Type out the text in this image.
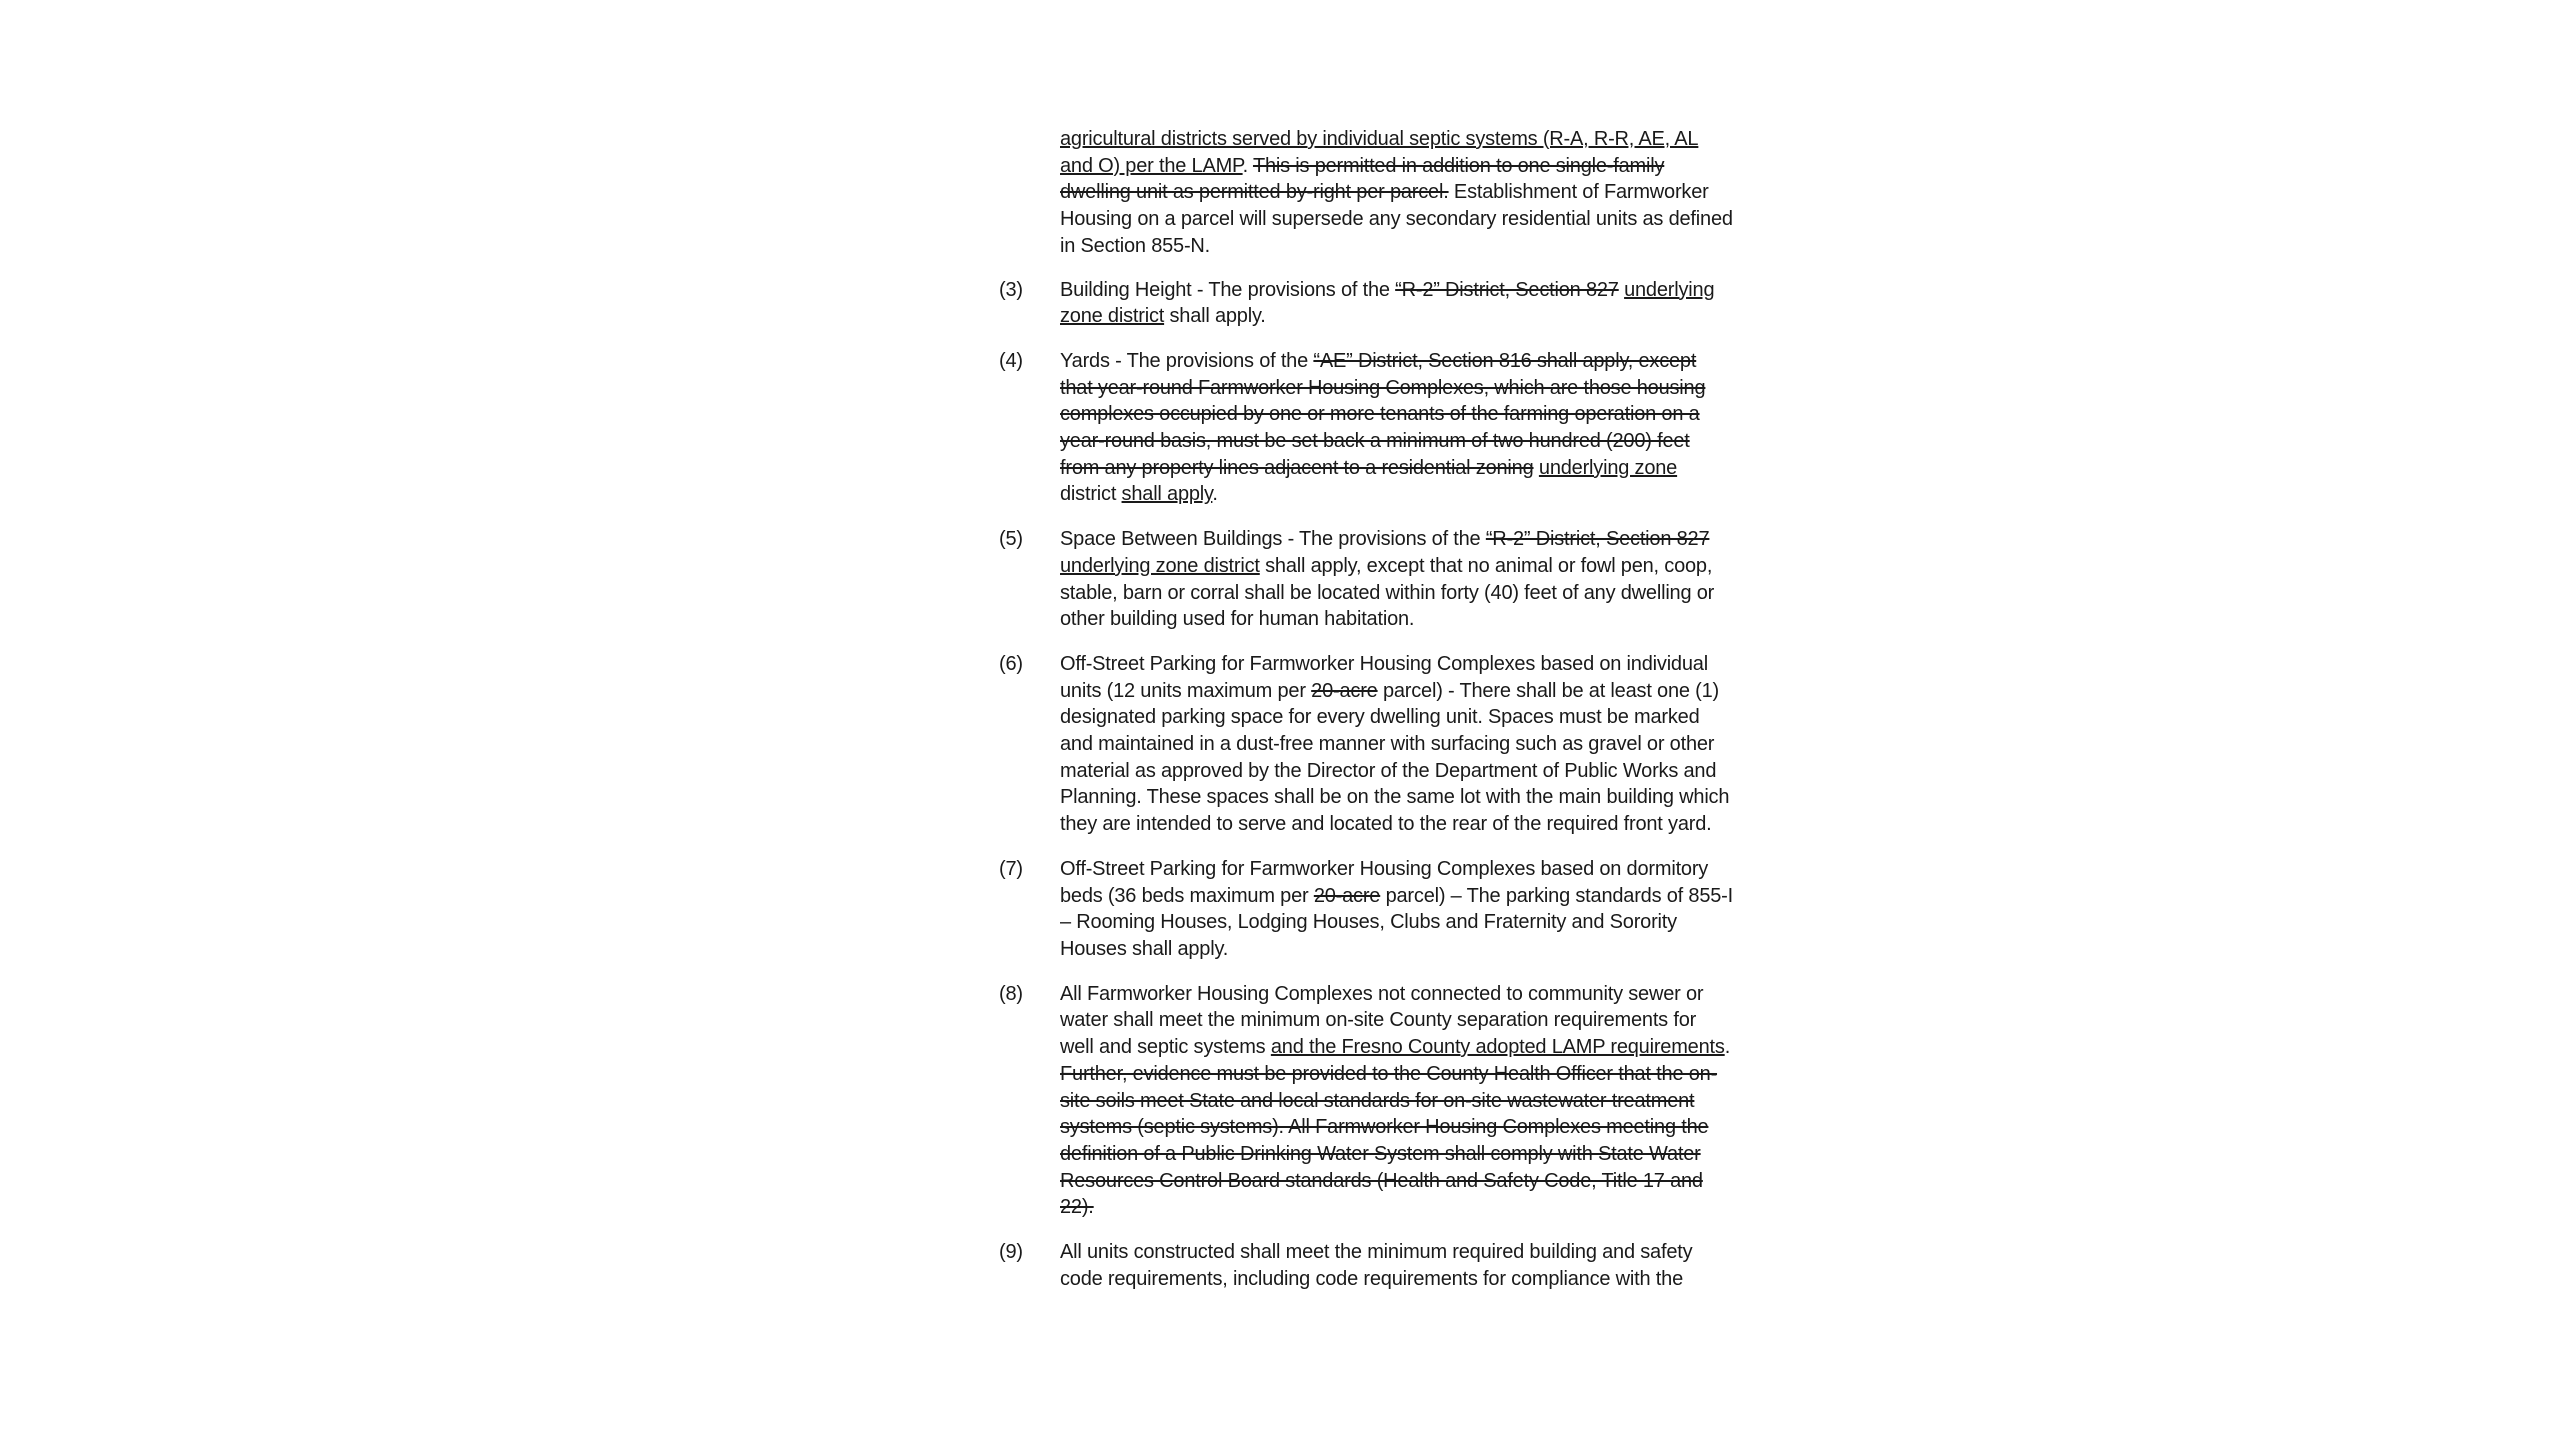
agricultural districts served by individual septic systems (R-A, R-R, AE, AL and O) per the LAMP. This is permitted in addition to one single-family dwelling unit as permitted by-right per parcel. Establishment of Farmworker Housing on a parcel will supersede any secondary residential units as defined in Section 855-N.

(3) Building Height - The provisions of the “R-2” District, Section 827 underlying zone district shall apply.
(4) Yards - The provisions of the “AE” District, Section 816 shall apply, except that year-round Farmworker Housing Complexes, which are those housing complexes occupied by one or more tenants of the farming operation on a year-round basis, must be set back a minimum of two hundred (200) feet from any property lines adjacent to a residential zoning underlying zone district shall apply.
(5) Space Between Buildings - The provisions of the “R-2” District, Section 827 underlying zone district shall apply, except that no animal or fowl pen, coop, stable, barn or corral shall be located within forty (40) feet of any dwelling or other building used for human habitation.
(6) Off-Street Parking for Farmworker Housing Complexes based on individual units (12 units maximum per 20-acre parcel) - There shall be at least one (1) designated parking space for every dwelling unit. Spaces must be marked and maintained in a dust-free manner with surfacing such as gravel or other material as approved by the Director of the Department of Public Works and Planning. These spaces shall be on the same lot with the main building which they are intended to serve and located to the rear of the required front yard.
(7) Off-Street Parking for Farmworker Housing Complexes based on dormitory beds (36 beds maximum per 20-acre parcel) – The parking standards of 855-I – Rooming Houses, Lodging Houses, Clubs and Fraternity and Sorority Houses shall apply.
(8) All Farmworker Housing Complexes not connected to community sewer or water shall meet the minimum on-site County separation requirements for well and septic systems and the Fresno County adopted LAMP requirements. Further, evidence must be provided to the County Health Officer that the on-site soils meet State and local standards for on-site wastewater treatment systems (septic systems). All Farmworker Housing Complexes meeting the definition of a Public Drinking Water System shall comply with State Water Resources Control Board standards (Health and Safety Code, Title 17 and 22).
(9) All units constructed shall meet the minimum required building and safety code requirements, including code requirements for compliance with the
